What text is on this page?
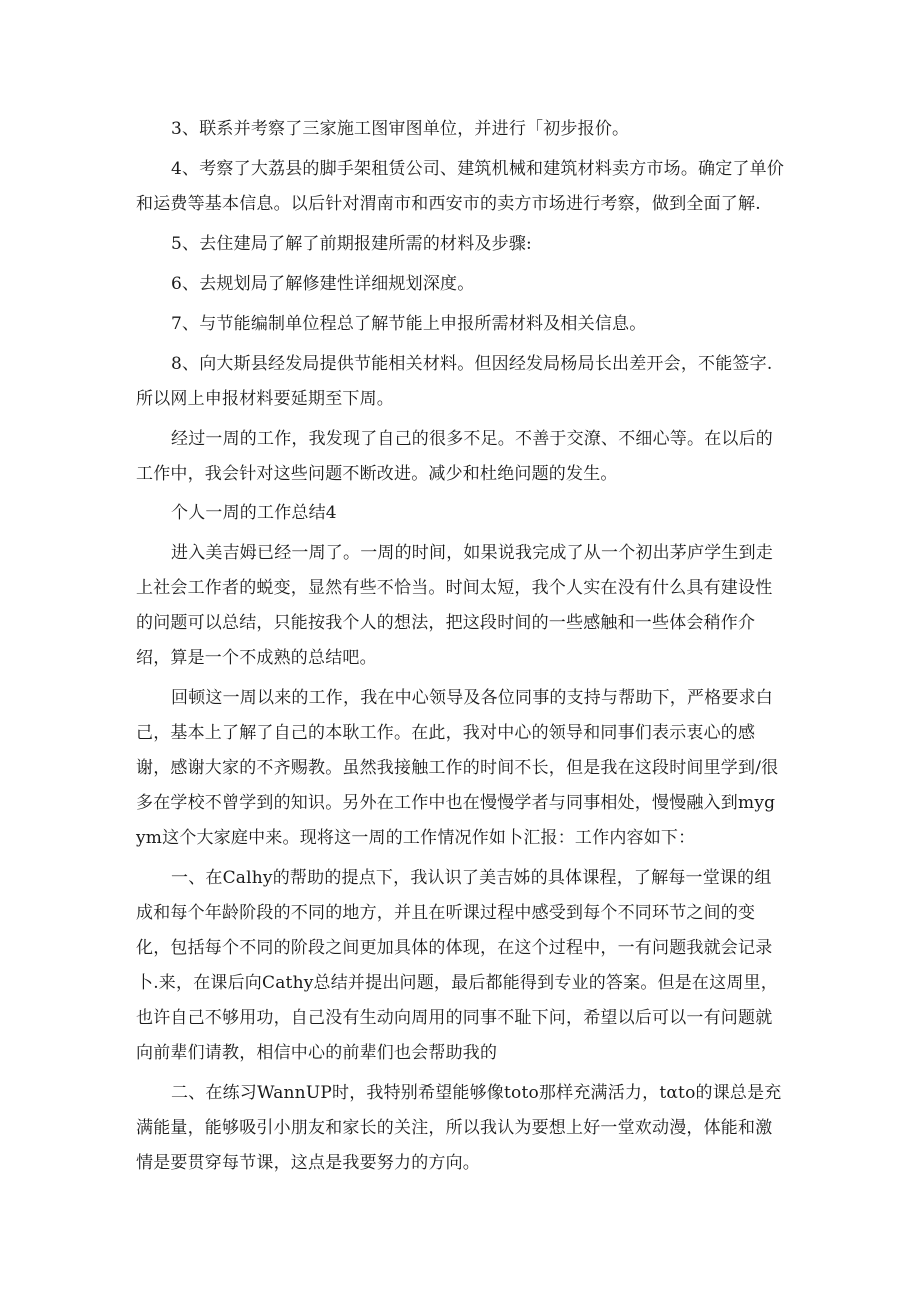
3、联系并考察了三家施工图审图单位，并进行「初步报价。

4、考察了大荔县的脚手架租赁公司、建筑机械和建筑材料卖方市场。确定了单价和运费等基本信息。以后针对渭南市和西安市的卖方市场进行考察，做到全面了解.

5、去住建局了解了前期报建所需的材料及步骤:

6、去规划局了解修建性详细规划深度。

7、与节能编制单位程总了解节能上申报所需材料及相关信息。

8、向大斯县经发局提供节能相关材料。但因经发局杨局长出差开会，不能签字.所以网上申报材料要延期至下周。

经过一周的工作，我发现了自己的很多不足。不善于交潦、不细心等。在以后的工作中，我会针对这些问题不断改进。减少和杜绝问题的发生。

个人一周的工作总结4

进入美吉姆已经一周了。一周的时间，如果说我完成了从一个初出茅庐学生到走上社会工作者的蜕变，显然有些不恰当。时间太短，我个人实在没有什么具有建设性的问题可以总结，只能按我个人的想法，把这段时间的一些感触和一些体会稍作介绍，算是一个不成熟的总结吧。

回顿这一周以来的工作，我在中心领导及各位同事的支持与帮助下，严格要求白己，基本上了解了自己的本耿工作。在此，我对中心的领导和同事们表示衷心的感谢，感谢大家的不齐赐教。虽然我接触工作的时间不长，但是我在这段时间里学到/很多在学校不曾学到的知识。另外在工作中也在慢慢学者与同事相处，慢慢融入到mygym这个大家庭中来。现将这一周的工作情况作如卜汇报：工作内容如下：

一、在Calhy的帮助的提点下，我认识了美吉姊的具体课程，了解每一堂课的组成和每个年龄阶段的不同的地方，并且在听课过程中感受到每个不同环节之间的变化，包括每个不同的阶段之间更加具体的体现，在这个过程中，一有问题我就会记录卜.来，在课后向Cathy总结并提出问题，最后都能得到专业的答案。但是在这周里，也许自己不够用功，自己没有生动向周用的同事不耻下问，希望以后可以一有问题就向前辈们请教，相信中心的前辈们也会帮助我的

二、在练习WannUP时，我特别希望能够像toto那样充满活力，tαto的课总是充满能量，能够吸引小朋友和家长的关注，所以我认为要想上好一堂欢动漫，体能和激情是要贯穿每节课，这点是我要努力的方向。
